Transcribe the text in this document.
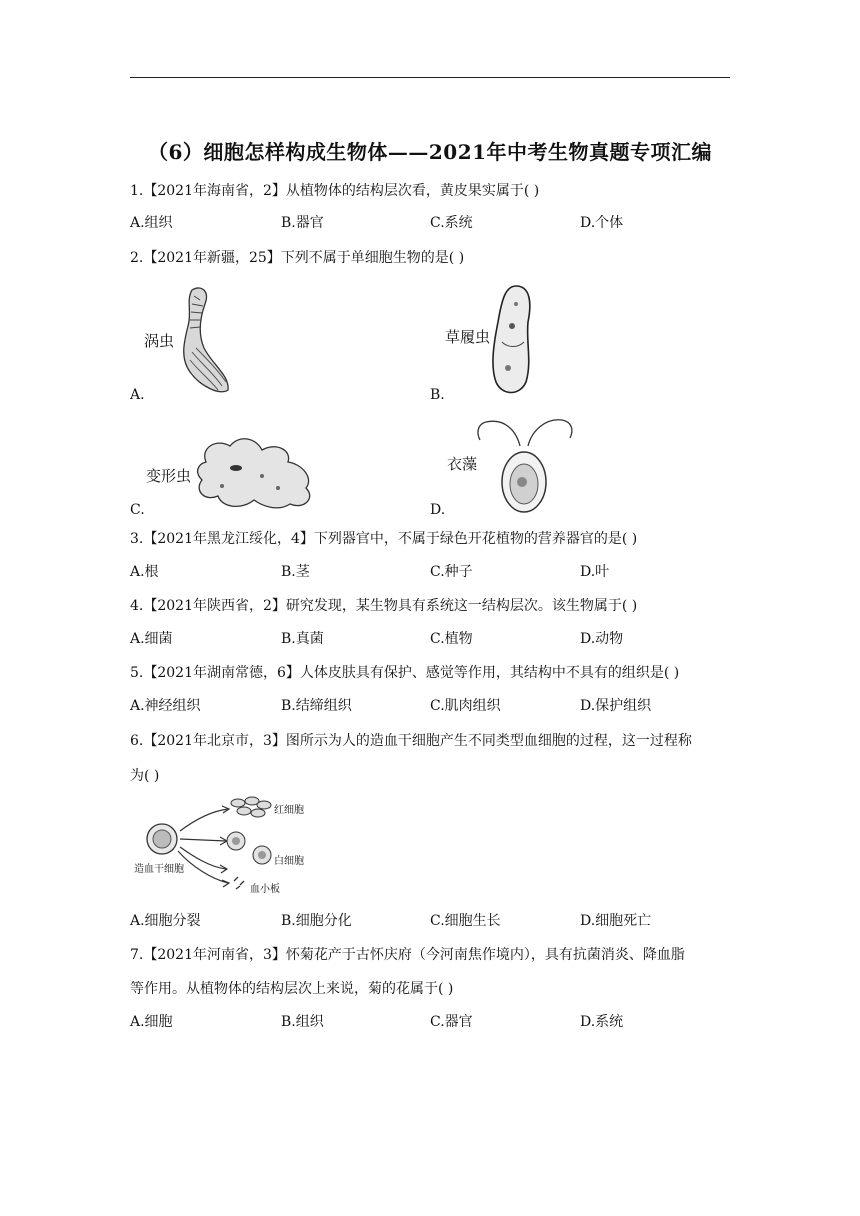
（6）细胞怎样构成生物体——2021年中考生物真题专项汇编
1.【2021年海南省，2】从植物体的结构层次看，黄皮果实属于( )
A.组织	B.器官	C.系统	D.个体
2.【2021年新疆，25】下列不属于单细胞生物的是( )
涡虫
A.
草履虫
B.
变形虫
C.
衣藻
D.
3.【2021年黑龙江绥化，4】下列器官中，不属于绿色开花植物的营养器官的是( )
A.根	B.茎	C.种子	D.叶
4.【2021年陕西省，2】研究发现，某生物具有系统这一结构层次。该生物属于( )
A.细菌	B.真菌	C.植物	D.动物
5.【2021年湖南常德，6】人体皮肤具有保护、感觉等作用，其结构中不具有的组织是( )
A.神经组织	B.结缔组织	C.肌肉组织	D.保护组织
6.【2021年北京市，3】图所示为人的造血干细胞产生不同类型血细胞的过程，这一过程称
为( )
红细胞
白细胞
血小板
造血干细胞
A.细胞分裂	B.细胞分化	C.细胞生长	D.细胞死亡
7.【2021年河南省，3】怀菊花产于古怀庆府（今河南焦作境内），具有抗菌消炎、降血脂
等作用。从植物体的结构层次上来说，菊的花属于( )
A.细胞	B.组织	C.器官	D.系统
